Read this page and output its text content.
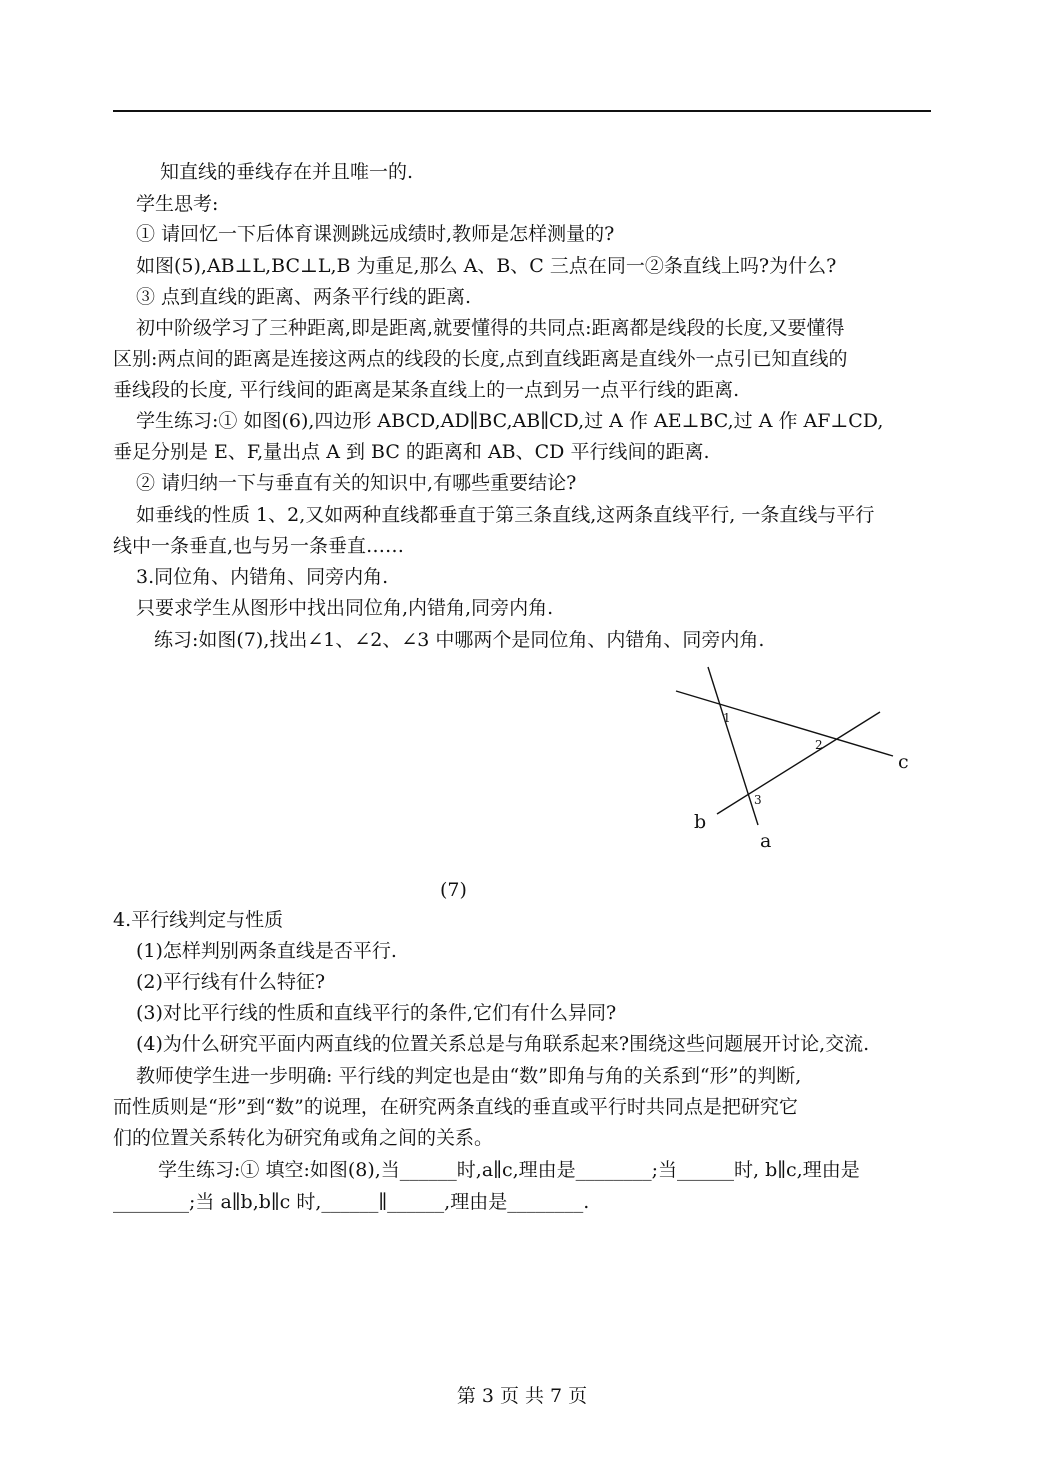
知直线的垂线存在并且唯一的.
学生思考:
① 请回忆一下后体育课测跳远成绩时,教师是怎样测量的?
如图(5),AB⊥L,BC⊥L,B 为重足,那么 A、B、C 三点在同一②条直线上吗?为什么?
③ 点到直线的距离、两条平行线的距离.
初中阶级学习了三种距离,即是距离,就要懂得的共同点:距离都是线段的长度,又要懂得
区别:两点间的距离是连接这两点的线段的长度,点到直线距离是直线外一点引已知直线的
垂线段的长度, 平行线间的距离是某条直线上的一点到另一点平行线的距离.
学生练习:① 如图(6),四边形 ABCD,AD∥BC,AB∥CD,过 A 作 AE⊥BC,过 A 作 AF⊥CD,
垂足分别是 E、F,量出点 A 到 BC 的距离和 AB、CD 平行线间的距离.
② 请归纳一下与垂直有关的知识中,有哪些重要结论?
如垂线的性质 1、2,又如两种直线都垂直于第三条直线,这两条直线平行, 一条直线与平行
线中一条垂直,也与另一条垂直……
3.同位角、内错角、同旁内角.
只要求学生从图形中找出同位角,内错角,同旁内角.
练习:如图(7),找出∠1、∠2、∠3 中哪两个是同位角、内错角、同旁内角.
1
2
3
c
b
a
(7)
4.平行线判定与性质
(1)怎样判别两条直线是否平行.
(2)平行线有什么特征?
(3)对比平行线的性质和直线平行的条件,它们有什么异同?
(4)为什么研究平面内两直线的位置关系总是与角联系起来?围绕这些问题展开讨论,交流.
教师使学生进一步明确: 平行线的判定也是由“数”即角与角的关系到“形”的判断,
而性质则是“形”到“数”的说理，在研究两条直线的垂直或平行时共同点是把研究它
们的位置关系转化为研究角或角之间的关系。
学生练习:① 填空:如图(8),当______时,a∥c,理由是________;当______时, b∥c,理由是
________;当 a∥b,b∥c 时,______∥______,理由是________.
第 3 页 共 7 页
